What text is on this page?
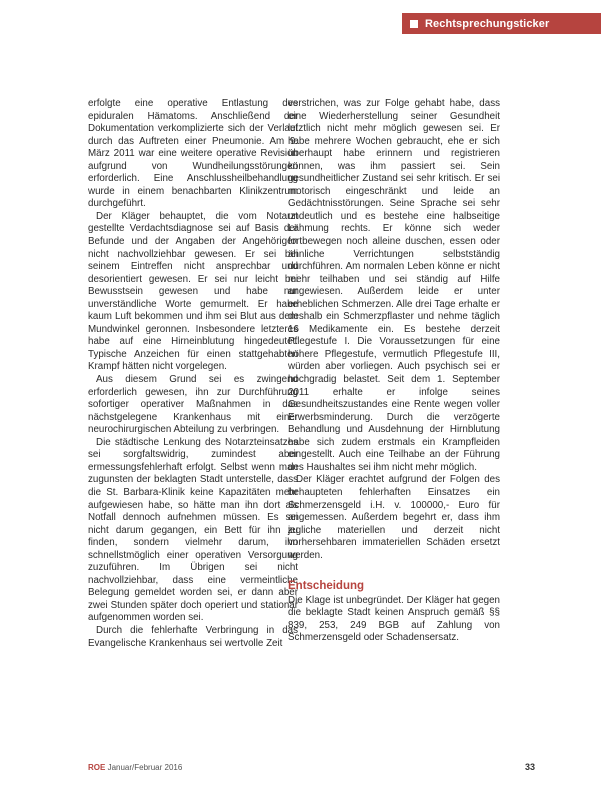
Rechtsprechungsticker

erfolgte eine operative Entlastung des epiduralen Hämatoms. Anschließend der Dokumentation verkomplizierte sich der Verlauf durch das Auftreten einer Pneumonie. Am 9. März 2011 war eine weitere operative Revision aufgrund von Wundheilungsstörungen erforderlich. Eine Anschlussheilbehandlung wurde in einem benachbarten Klinikzentrum durchgeführt.

Der Kläger behauptet, die vom Notarzt gestellte Verdachtsdiagnose sei auf Basis der Befunde und der Angaben der Angehörigen nicht nachvollziehbar gewesen. Er sei bei seinem Eintreffen nicht ansprechbar und desorientiert gewesen. Er sei nur leicht bei Bewusstsein gewesen und habe nur unverständliche Worte gemurmelt. Er habe kaum Luft bekommen und ihm sei Blut aus dem Mundwinkel geronnen. Insbesondere letzteres habe auf eine Hirneinblutung hingedeutet. Typische Anzeichen für einen stattgehabten Krampf hätten nicht vorgelegen.

Aus diesem Grund sei es zwingend erforderlich gewesen, ihn zur Durchführung sofortiger operativer Maßnahmen in das nächstgelegene Krankenhaus mit einer neurochirurgischen Abteilung zu verbringen.

Die städtische Lenkung des Notarzteinsatzes sei sorgfaltswidrig, zumindest aber ermessungsfehlerhaft erfolgt. Selbst wenn man zugunsten der beklagten Stadt unterstelle, dass die St. Barbara-Klinik keine Kapazitäten mehr aufgewiesen habe, so hätte man ihn dort als Notfall dennoch aufnehmen müssen. Es sei nicht darum gegangen, ein Bett für ihn zu finden, sondern vielmehr darum, ihn schnellstmöglich einer operativen Versorgung zuzuführen. Im Übrigen sei nicht nachvollziehbar, dass eine vermeintliche Belegung gemeldet worden sei, er dann aber zwei Stunden später doch operiert und stationär aufgenommen worden sei.

Durch die fehlerhafte Verbringung in das Evangelische Krankenhaus sei wertvolle Zeit

verstrichen, was zur Folge gehabt habe, dass eine Wiederherstellung seiner Gesundheit letztlich nicht mehr möglich gewesen sei. Er habe mehrere Wochen gebraucht, ehe er sich überhaupt habe erinnern und registrieren können, was ihm passiert sei. Sein gesundheitlicher Zustand sei sehr kritisch. Er sei motorisch eingeschränkt und leide an Gedächtnisstörungen. Seine Sprache sei sehr undeutlich und es bestehe eine halbseitige Lähmung rechts. Er könne sich weder fortbewegen noch alleine duschen, essen oder ähnliche Verrichtungen selbstständig durchführen. Am normalen Leben könne er nicht mehr teilhaben und sei ständig auf Hilfe angewiesen. Außerdem leide er unter erheblichen Schmerzen. Alle drei Tage erhalte er deshalb ein Schmerzpflaster und nehme täglich 16 Medikamente ein. Es bestehe derzeit Pflegestufe I. Die Voraussetzungen für eine höhere Pflegestufe, vermutlich Pflegestufe III, würden aber vorliegen. Auch psychisch sei er hochgradig belastet. Seit dem 1. September 2011 erhalte er infolge seines Gesundheitszustandes eine Rente wegen voller Erwerbsminderung. Durch die verzögerte Behandlung und Ausdehnung der Hirnblutung habe sich zudem erstmals ein Krampfleiden eingestellt. Auch eine Teilhabe an der Führung des Haushaltes sei ihm nicht mehr möglich.

Der Kläger erachtet aufgrund der Folgen des behaupteten fehlerhaften Einsatzes ein Schmerzensgeld i.H. v. 100000,- Euro für angemessen. Außerdem begehrt er, dass ihm jegliche materiellen und derzeit nicht vorhersehbaren immateriellen Schäden ersetzt werden.

Entscheidung

Die Klage ist unbegründet. Der Kläger hat gegen die beklagte Stadt keinen Anspruch gemäß §§ 839, 253, 249 BGB auf Zahlung von Schmerzensgeld oder Schadensersatz.

ROE Januar/Februar 2016	33
